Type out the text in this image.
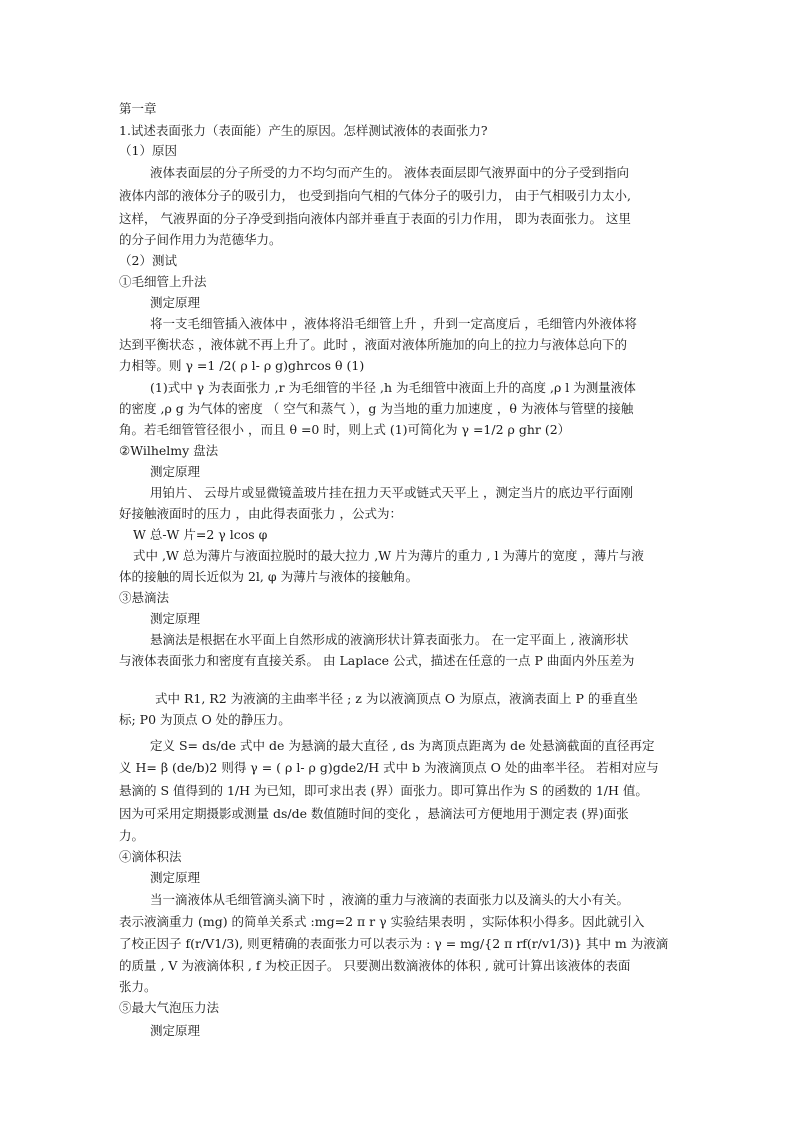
第一章
1.试述表面张力（表面能）产生的原因。怎样测试液体的表面张力?
（1）原因
液体表面层的分子所受的力不均匀而产生的。 液体表面层即气液界面中的分子受到指向
液体内部的液体分子的吸引力， 也受到指向气相的气体分子的吸引力， 由于气相吸引力太小,
这样， 气液界面的分子净受到指向液体内部并垂直于表面的引力作用， 即为表面张力。 这里
的分子间作用力为范德华力。
（2）测试
①毛细管上升法
测定原理
将一支毛细管插入液体中 ，液体将沿毛细管上升 ，升到一定高度后 ，毛细管内外液体将
达到平衡状态 ，液体就不再上升了。此时 ，液面对液体所施加的向上的拉力与液体总向下的
力相等。则 γ =1 /2( ρ l- ρ g)ghrcos θ (1)
(1)式中 γ 为表面张力 ,r 为毛细管的半径 ,h 为毛细管中液面上升的高度 ,ρ l 为测量液体
的密度 ,ρ g 为气体的密度 （ 空气和蒸气 ），g 为当地的重力加速度 ，θ 为液体与管壁的接触
角。若毛细管管径很小 ，而且 θ =0 时，则上式 (1)可简化为 γ =1/2 ρ ghr (2）
②Wilhelmy 盘法
测定原理
用铂片、 云母片或显微镜盖玻片挂在扭力天平或链式天平上 ，测定当片的底边平行面刚
好接触液面时的压力 ，由此得表面张力 ，公式为：
W 总-W 片=2 γ lcos φ
式中 ,W 总为薄片与液面拉脱时的最大拉力 ,W 片为薄片的重力 , l 为薄片的宽度 ，薄片与液
体的接触的周长近似为 2l, φ 为薄片与液体的接触角。
③悬滴法
测定原理
悬滴法是根据在水平面上自然形成的液滴形状计算表面张力。 在一定平面上 , 液滴形状
与液体表面张力和密度有直接关系。 由 Laplace 公式，描述在任意的一点 P 曲面内外压差为
式中 R1, R2 为液滴的主曲率半径 ; z 为以液滴顶点 O 为原点，液滴表面上 P 的垂直坐
标; P0 为顶点 O 处的静压力。
定义 S= ds/de 式中 de 为悬滴的最大直径 , ds 为离顶点距离为 de 处悬滴截面的直径再定
义 H= β (de/b)2 则得 γ = ( ρ l- ρ g)gde2/H 式中 b 为液滴顶点 O 处的曲率半径。 若相对应与
悬滴的 S 值得到的 1/H 为已知，即可求出表 (界）面张力。即可算出作为 S 的函数的 1/H 值。
因为可采用定期摄影或测量 ds/de 数值随时间的变化 ，悬滴法可方便地用于测定表 (界)面张
力。
④滴体积法
测定原理
当一滴液体从毛细管滴头滴下时 ，液滴的重力与液滴的表面张力以及滴头的大小有关。
表示液滴重力 (mg) 的简单关系式 :mg=2 π r γ 实验结果表明 ，实际体积小得多。因此就引入
了校正因子 f(r/V1/3), 则更精确的表面张力可以表示为 : γ = mg/{2 π rf(r/v1/3)} 其中 m 为液滴
的质量 , V 为液滴体积 , f 为校正因子。 只要测出数滴液体的体积 , 就可计算出该液体的表面
张力。
⑤最大气泡压力法
测定原理
